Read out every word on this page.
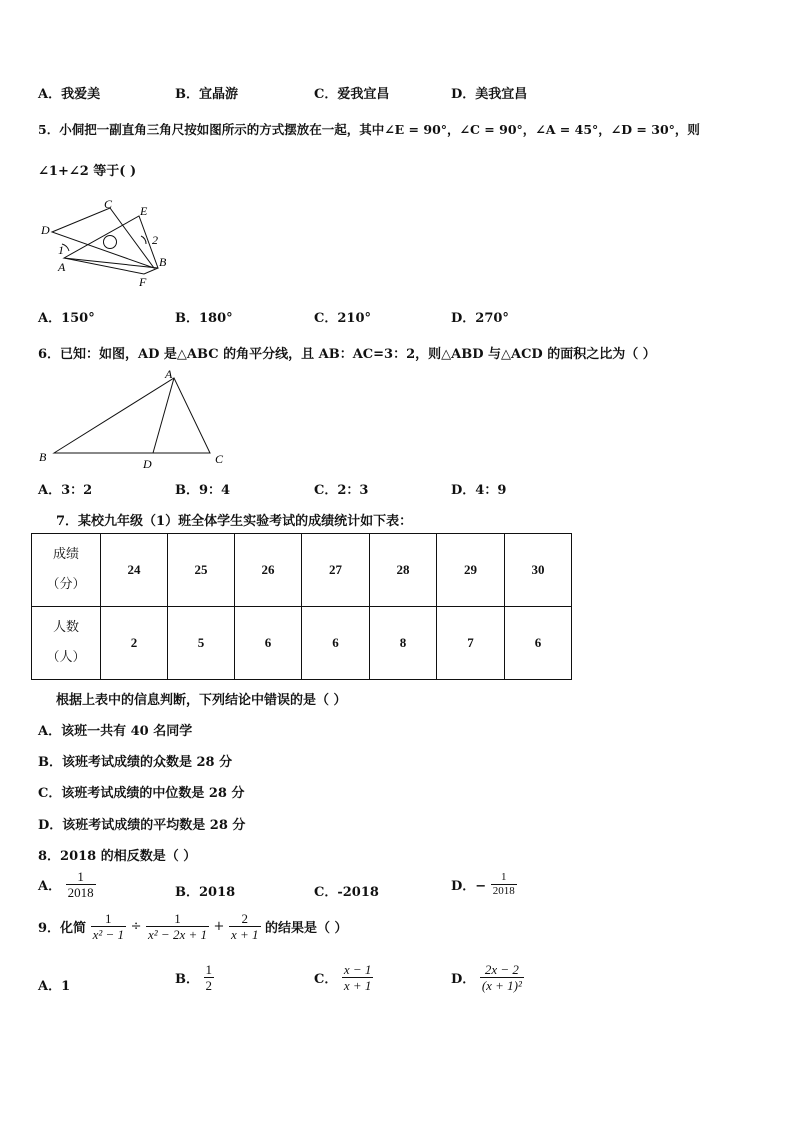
A．我爱美	B．宜晶游	C．爱我宜昌	D．美我宜昌
5．小侗把一副直角三角尺按如图所示的方式摆放在一起，其中∠E = 90°，∠C = 90°，∠A = 45°，∠D = 30°，则
∠1+∠2 等于( )
C E
D
1
2
A	B
F
A．150°	B．180°	C．210°	D．270°
6．已知：如图，AD 是△ABC 的角平分线，且 AB：AC=3：2，则△ABD 与△ACD 的面积之比为（ ）
A
B	D	C
A．3：2	B．9：4	C．2：3	D．4：9
7．某校九年级（1）班全体学生实验考试的成绩统计如下表：
成绩
（分）	24	25	26	27	28	29	30

人数
（人）	2	5	6	6	8	7	6
根据上表中的信息判断，下列结论中错误的是（ ）
A．该班一共有 40 名同学
B．该班考试成绩的众数是 28 分
C．该班考试成绩的中位数是 28 分
D．该班考试成绩的平均数是 28 分
8．2018 的相反数是（ ）
A． $\frac{1}{2018}$	B．2018	C．-2018	D．− $\frac{1}{2018}$
9．化简 $\frac{1}{\text{x² − 1}} \div \frac{1}{\text{x² − 2x + 1}} + \frac{2}{x + 1}$ 的结果是（ ）
A．1	B． $\frac{1}{2}$	C． $\frac{x - 1}{x + 1}$	D． $\frac{2x - 2}{\text{(x + 1)²}}$
